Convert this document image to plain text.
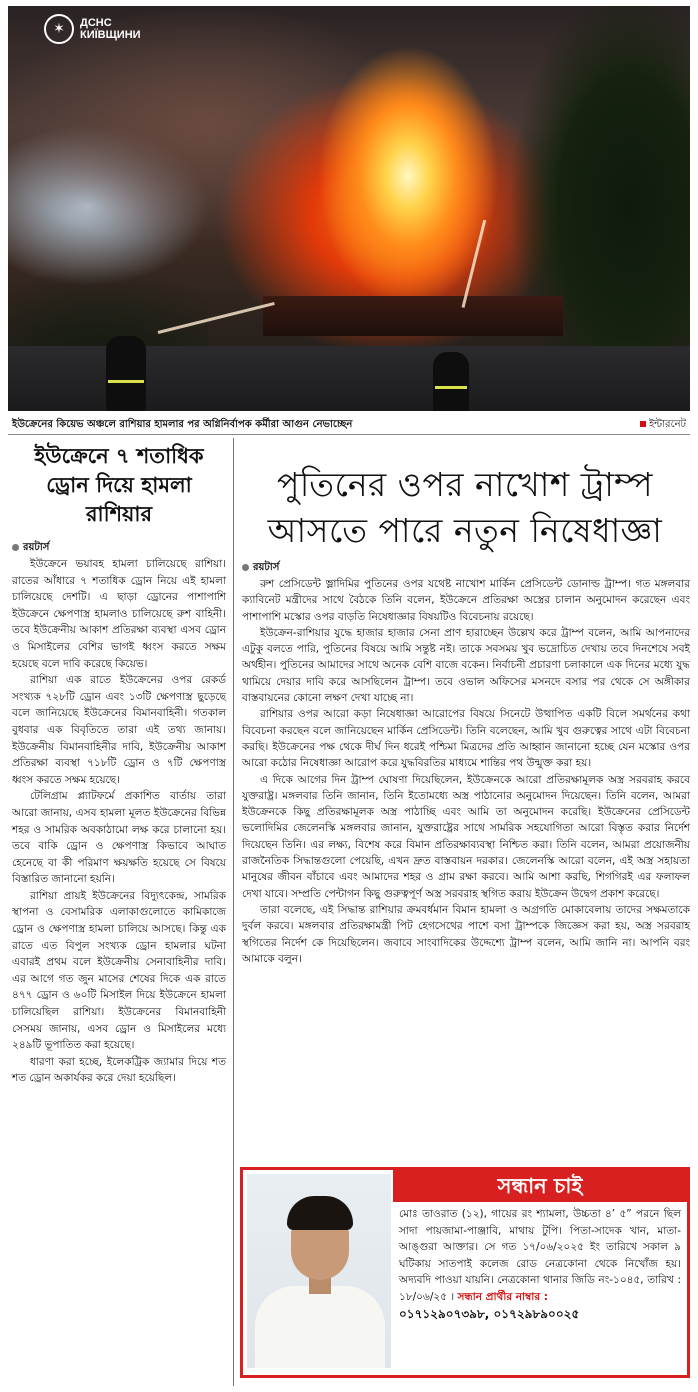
✶	ДСНС
КИЇВЩИНИ
ইউক্রেনের কিয়েভ অঞ্চলে রাশিয়ার হামলার পর অগ্নিনির্বাপক কর্মীরা আগুন নেভাচ্ছেন	ইন্টারনেট
ইউক্রেনে ৭ শতাধিক ড্রোন দিয়ে হামলা রাশিয়ার
রয়টার্স

ইউক্রেনে ভয়াবহ হামলা চালিয়েছে রাশিয়া। রাতের আঁধারে ৭ শতাধিক ড্রোন নিয়ে এই হামলা চালিয়েছে দেশটি। এ ছাড়া ড্রোনের পাশাপাশি ইউক্রেনে ক্ষেপণাস্ত্র হামলাও চালিয়েছে রুশ বাহিনী। তবে ইউক্রেনীয় আকাশ প্রতিরক্ষা ব্যবস্থা এসব ড্রোন ও মিসাইলের বেশির ভাগই ধ্বংস করতে সক্ষম হয়েছে বলে দাবি করেছে কিয়েভ।

রাশিয়া এক রাতে ইউক্রেনের ওপর রেকর্ড সংখ্যক ৭২৮টি ড্রোন এবং ১৩টি ক্ষেপণাস্ত্র ছুড়েছে বলে জানিয়েছে ইউক্রেনের বিমানবাহিনী। গতকাল বুধবার এক বিবৃতিতে তারা এই তথ্য জানায়। ইউক্রেনীয় বিমানবাহিনীর দাবি, ইউক্রেনীয় আকাশ প্রতিরক্ষা ব্যবস্থা ৭১৮টি ড্রোন ও ৭টি ক্ষেপণাস্ত্র ধ্বংস করতে সক্ষম হয়েছে।

টেলিগ্রাম প্ল্যাটফর্মে প্রকাশিত বার্তায় তারা আরো জানায়, এসব হামলা মূলত ইউক্রেনের বিভিন্ন শহর ও সামরিক অবকাঠামো লক্ষ করে চালানো হয়। তবে বাকি ড্রোন ও ক্ষেপণাস্ত্র কিভাবে আঘাত হেনেছে বা কী পরিমাণ ক্ষয়ক্ষতি হয়েছে সে বিষয়ে বিস্তারিত জানানো হয়নি।

রাশিয়া প্রায়ই ইউক্রেনের বিদ্যুৎকেন্দ্র, সামরিক স্থাপনা ও বেসামরিক এলাকাগুলোতে কামিকাজে ড্রোন ও ক্ষেপণাস্ত্র হামলা চালিয়ে আসছে। কিন্তু এক রাতে এত বিপুল সংখ্যক ড্রোন হামলার ঘটনা এবারই প্রথম বলে ইউক্রেনীয় সেনাবাহিনীর দাবি। এর আগে গত জুন মাসের শেষের দিকে এক রাতে ৪৭৭ ড্রোন ও ৬০টি মিসাইল দিয়ে ইউক্রেনে হামলা চালিয়েছিল রাশিয়া। ইউক্রেনের বিমানবাহিনী সেসময় জানায়, এসব ড্রোন ও মিসাইলের মধ্যে ২৪৯টি ভূপাতিত করা হয়েছে।

ধারণা করা হচ্ছে, ইলেকট্রিক জ্যামার দিয়ে শত শত ড্রোন অকার্যকর করে দেয়া হয়েছিল।

পুতিনের ওপর নাখোশ ট্রাম্প আসতে পারে নতুন নিষেধাজ্ঞা
রয়টার্স

রুশ প্রেসিডেন্ট ভ্লাদিমির পুতিনের ওপর যথেষ্ট নাখোশ মার্কিন প্রেসিডেন্ট ডোনাল্ড ট্রাম্প। গত মঙ্গলবার ক্যাবিনেট মন্ত্রীদের সাথে বৈঠকে তিনি বলেন, ইউক্রেনে প্রতিরক্ষা অস্ত্রের চালান অনুমোদন করেছেন এবং পাশাপাশি মস্কোর ওপর বাড়তি নিষেধাজ্ঞার বিষয়টিও বিবেচনায় রয়েছে।

ইউক্রেন-রাশিয়ার যুদ্ধে হাজার হাজার সেনা প্রাণ হারাচ্ছেন উল্লেখ করে ট্রাম্প বলেন, আমি আপনাদের এটুকু বলতে পারি, পুতিনের বিষয়ে আমি সন্তুষ্ট নই। তাকে সবসময় খুব ভদ্রোচিত দেখায় তবে দিনশেষে সবই অর্থহীন। পুতিনের আমাদের সাথে অনেক বেশি বাজে বকেন। নির্বাচনী প্রচারণা চলাকালে এক দিনের মধ্যে যুদ্ধ থামিয়ে দেয়ার দাবি করে আসছিলেন ট্রাম্প। তবে ওভাল অফিসের মসনদে বসার পর থেকে সে অঙ্গীকার বাস্তবায়নের কোনো লক্ষণ দেখা যাচ্ছে না।

রাশিয়ার ওপর আরো কড়া নিষেধাজ্ঞা আরোপের বিষয়ে সিনেটে উত্থাপিত একটি বিলে সমর্থনের কথা বিবেচনা করছেন বলে জানিয়েছেন মার্কিন প্রেসিডেন্ট। তিনি বলেছেন, আমি খুব গুরুত্বের সাথে এটা বিবেচনা করছি। ইউক্রেনের পক্ষ থেকে দীর্ঘ দিন ধরেই পশ্চিমা মিত্রদের প্রতি আহ্বান জানানো হচ্ছে যেন মস্কোর ওপর আরো কঠোর নিষেধাজ্ঞা আরোপ করে যুদ্ধবিরতির মাধ্যমে শান্তির পথ উন্মুক্ত করা হয়।

এ দিকে আগের দিন ট্রাম্প ঘোষণা দিয়েছিলেন, ইউক্রেনকে আরো প্রতিরক্ষামূলক অস্ত্র সরবরাহ করবে যুক্তরাষ্ট্র। মঙ্গলবার তিনি জানান, তিনি ইতোমধ্যে অস্ত্র পাঠানোর অনুমোদন দিয়েছেন। তিনি বলেন, আমরা ইউক্রেনকে কিছু প্রতিরক্ষামূলক অস্ত্র পাঠাচ্ছি এবং আমি তা অনুমোদন করেছি। ইউক্রেনের প্রেসিডেন্ট ভলোদিমির জেলেনস্কি মঙ্গলবার জানান, যুক্তরাষ্ট্রের সাথে সামরিক সহযোগিতা আরো বিস্তৃত করার নির্দেশ দিয়েছেন তিনি। এর লক্ষ্য, বিশেষ করে বিমান প্রতিরক্ষাব্যবস্থা নিশ্চিত করা। তিনি বলেন, আমরা প্রয়োজনীয় রাজনৈতিক সিদ্ধান্তগুলো পেয়েছি, এখন দ্রুত বাস্তবায়ন দরকার। জেলেনস্কি আরো বলেন, এই অস্ত্র সহায়তা মানুষের জীবন বাঁচাবে এবং আমাদের শহর ও গ্রাম রক্ষা করবে। আমি আশা করছি, শিগগিরই এর ফলাফল দেখা যাবে। সম্প্রতি পেন্টাগন কিছু গুরুত্বপূর্ণ অস্ত্র সরবরাহ স্থগিত করায় ইউক্রেন উদ্বেগ প্রকাশ করেছে।

তারা বলেছে, এই সিদ্ধান্ত রাশিয়ার ক্রমবর্ধমান বিমান হামলা ও অগ্রগতি মোকাবেলায় তাদের সক্ষমতাকে দুর্বল করবে। মঙ্গলবার প্রতিরক্ষামন্ত্রী পিট হেগসেথের পাশে বসা ট্রাম্পকে জিজ্ঞেস করা হয়, অস্ত্র সরবরাহ স্থগিতের নির্দেশ কে দিয়েছিলেন। জবাবে সাংবাদিকের উদ্দেশ্যে ট্রাম্প বলেন, আমি জানি না। আপনি বরং আমাকে বলুন।

সন্ধান চাই
মোঃ তাওরাত (১২), গায়ের রং শ্যামলা, উচ্চতা ৪’ ৫” পরনে ছিল সাদা পায়জামা-পাঞ্জাবি, মাথায় টুপি। পিতা-সাদেক খান, মাতা- আঙ্গুরা আক্তার। সে গত ১৭/০৬/২০২৫ ইং তারিখে সকাল ৯ ঘটিকায় সাতপাই কলেজ রোড নেত্রকোনা থেকে নিখোঁজ হয়। অদ্যবদি পাওয়া যায়নি। নেত্রকোনা থানার জিডি নং-১০৪৫, তারিখ : ১৮/০৬/২৫ । সন্ধান প্রার্থীর নাম্বার :
০১৭১২৯০৭৩৯৮, ০১৭২৯৮৯০০২৫
